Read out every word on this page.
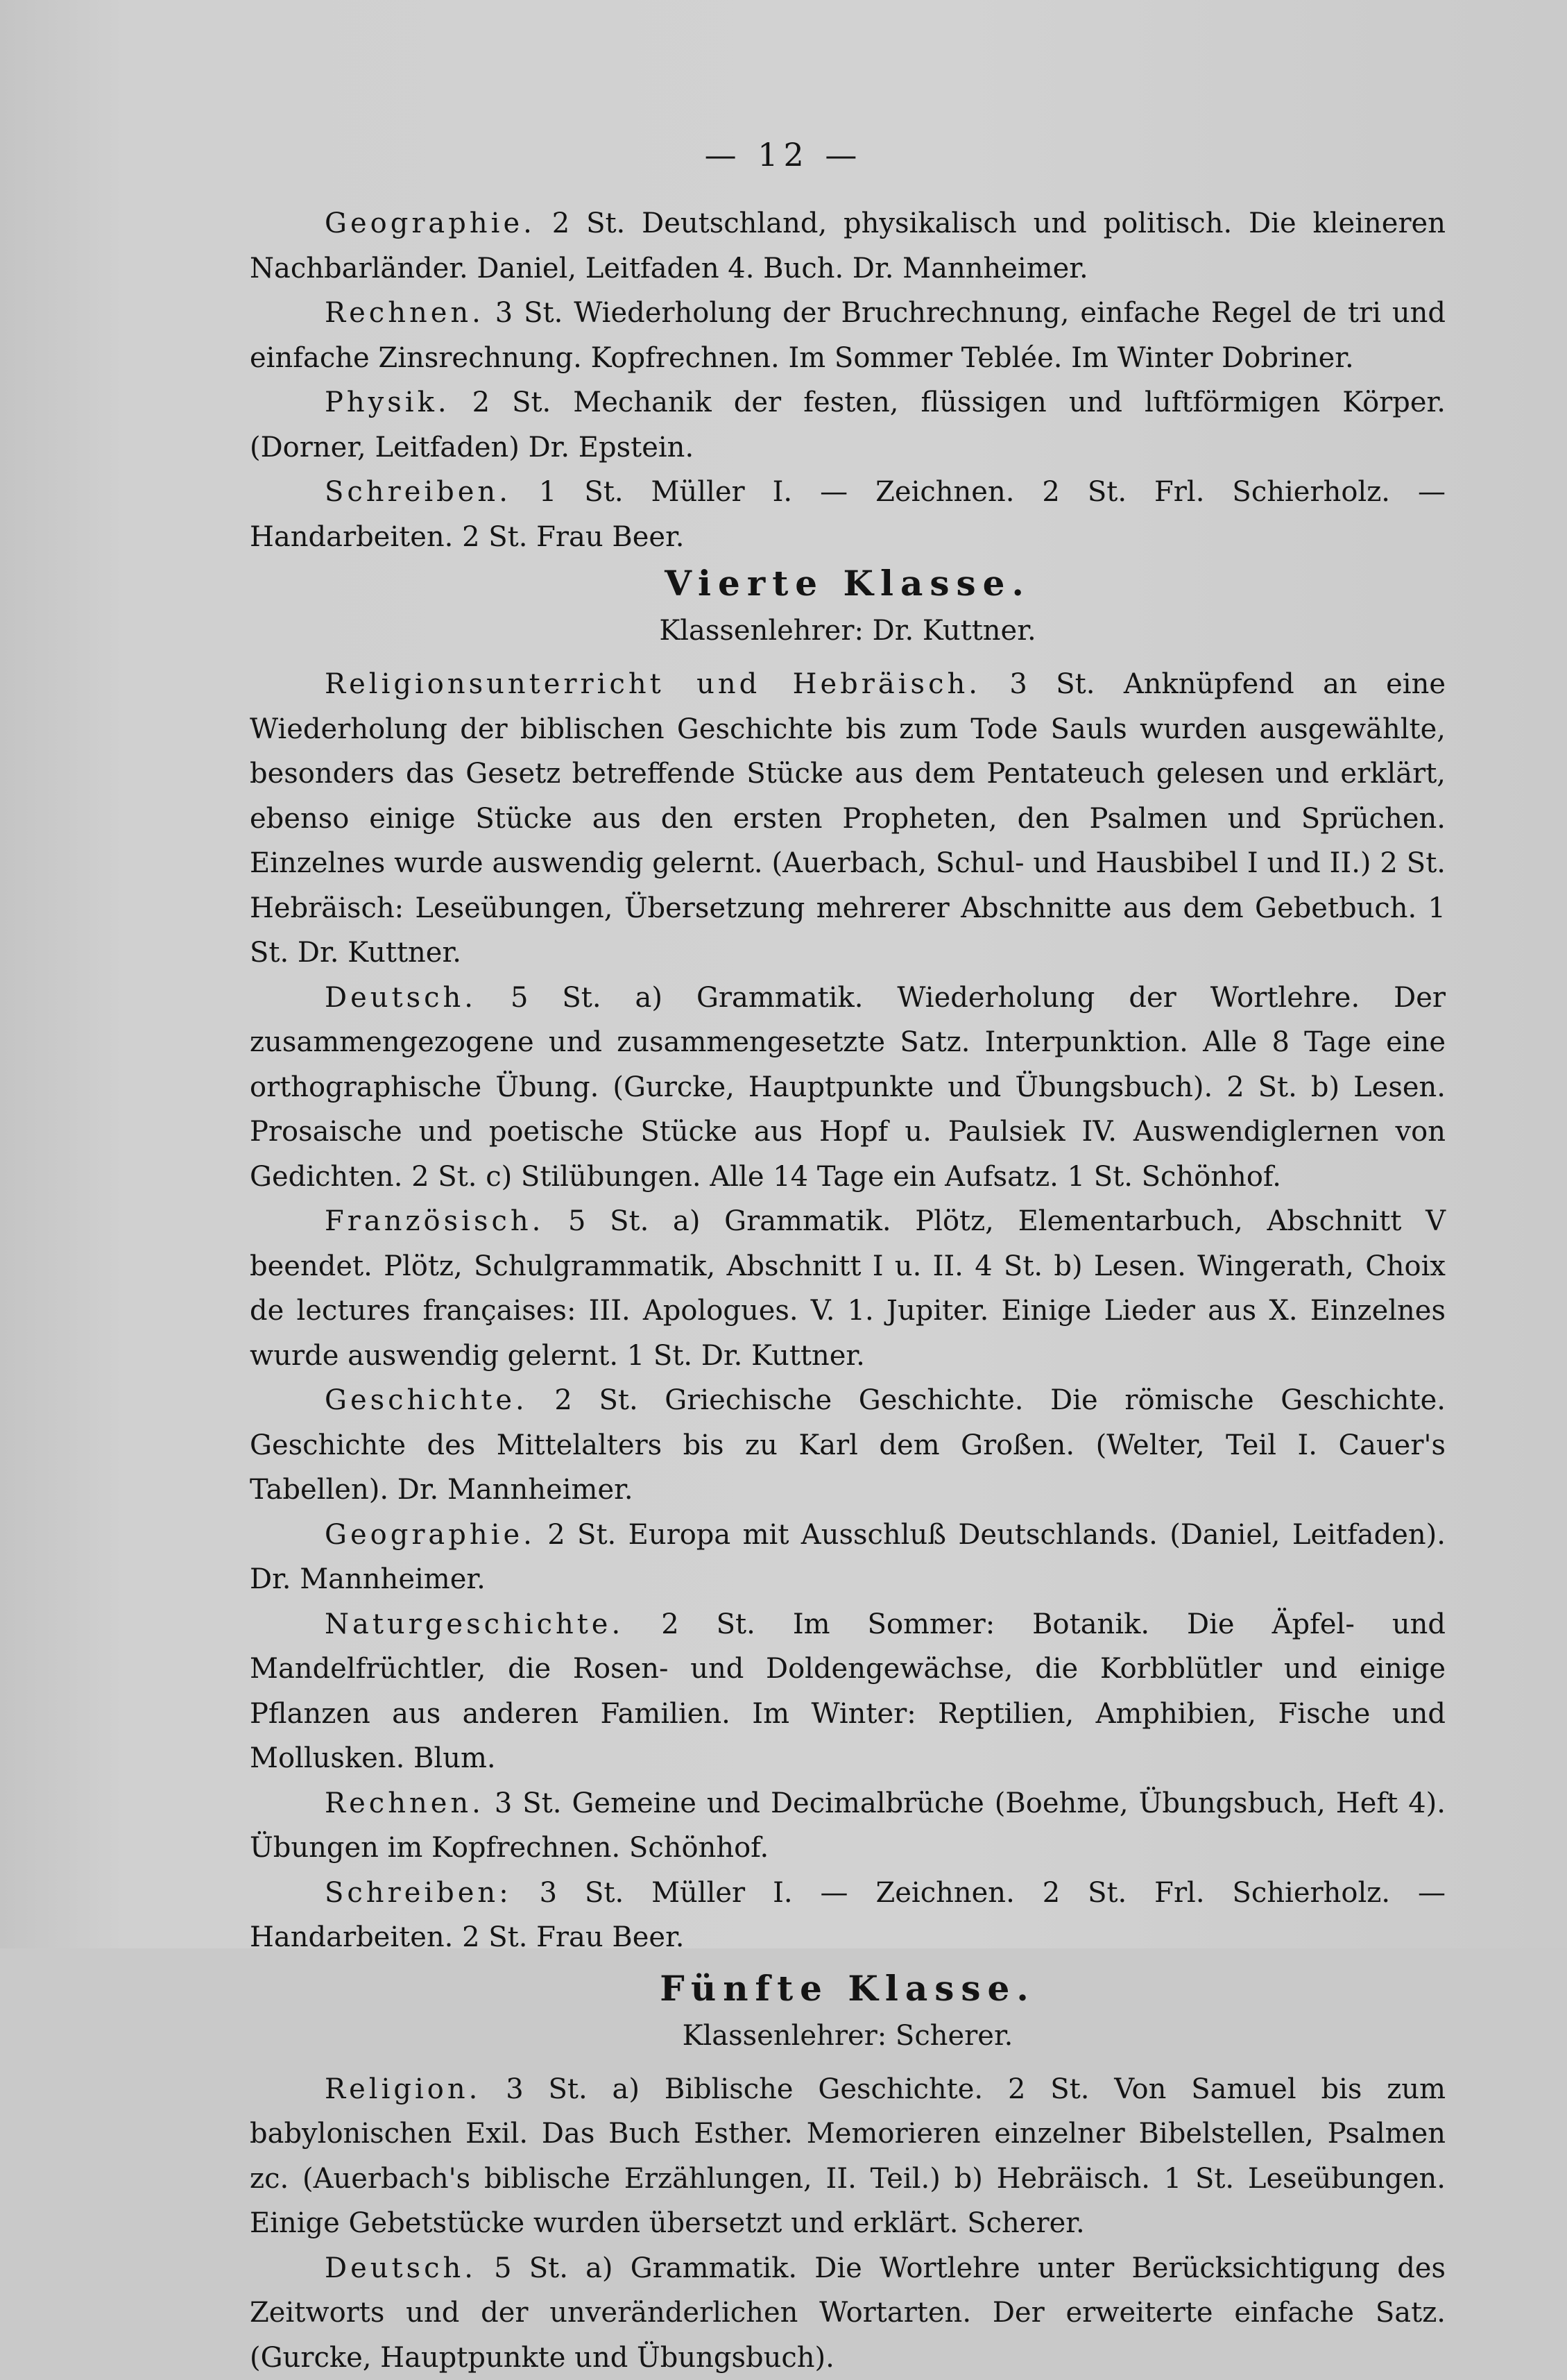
— 12 —

Geographie. 2 St. Deutschland, physikalisch und politisch. Die kleineren Nachbarländer. Daniel, Leitfaden 4. Buch. Dr. Mannheimer.

Rechnen. 3 St. Wiederholung der Bruchrechnung, einfache Regel de tri und einfache Zinsrechnung. Kopfrechnen. Im Sommer Teblée. Im Winter Dobriner.

Physik. 2 St. Mechanik der festen, flüssigen und luftförmigen Körper. (Dorner, Leitfaden) Dr. Epstein.

Schreiben. 1 St. Müller I. — Zeichnen. 2 St. Frl. Schierholz. — Handarbeiten. 2 St. Frau Beer.

Vierte Klasse.

Klassenlehrer: Dr. Kuttner.

Religionsunterricht und Hebräisch. 3 St. Anknüpfend an eine Wiederholung der biblischen Geschichte bis zum Tode Sauls wurden ausgewählte, besonders das Gesetz betreffende Stücke aus dem Pentateuch gelesen und erklärt, ebenso einige Stücke aus den ersten Propheten, den Psalmen und Sprüchen. Einzelnes wurde auswendig gelernt. (Auerbach, Schul- und Hausbibel I und II.) 2 St. Hebräisch: Leseübungen, Übersetzung mehrerer Abschnitte aus dem Gebetbuch. 1 St. Dr. Kuttner.

Deutsch. 5 St. a) Grammatik. Wiederholung der Wortlehre. Der zusammengezogene und zusammengesetzte Satz. Interpunktion. Alle 8 Tage eine orthographische Übung. (Gurcke, Hauptpunkte und Übungsbuch). 2 St. b) Lesen. Prosaische und poetische Stücke aus Hopf u. Paulsiek IV. Auswendiglernen von Gedichten. 2 St. c) Stilübungen. Alle 14 Tage ein Aufsatz. 1 St. Schönhof.

Französisch. 5 St. a) Grammatik. Plötz, Elementarbuch, Abschnitt V beendet. Plötz, Schulgrammatik, Abschnitt I u. II. 4 St. b) Lesen. Wingerath, Choix de lectures françaises: III. Apologues. V. 1. Jupiter. Einige Lieder aus X. Einzelnes wurde auswendig gelernt. 1 St. Dr. Kuttner.

Geschichte. 2 St. Griechische Geschichte. Die römische Geschichte. Geschichte des Mittelalters bis zu Karl dem Großen. (Welter, Teil I. Cauer's Tabellen). Dr. Mannheimer.

Geographie. 2 St. Europa mit Ausschluß Deutschlands. (Daniel, Leitfaden). Dr. Mannheimer.

Naturgeschichte. 2 St. Im Sommer: Botanik. Die Äpfel- und Mandelfrüchtler, die Rosen- und Doldengewächse, die Korbblütler und einige Pflanzen aus anderen Familien. Im Winter: Reptilien, Amphibien, Fische und Mollusken. Blum.

Rechnen. 3 St. Gemeine und Decimalbrüche (Boehme, Übungsbuch, Heft 4). Übungen im Kopfrechnen. Schönhof.

Schreiben: 3 St. Müller I. — Zeichnen. 2 St. Frl. Schierholz. — Handarbeiten. 2 St. Frau Beer.

Fünfte Klasse.

Klassenlehrer: Scherer.

Religion. 3 St. a) Biblische Geschichte. 2 St. Von Samuel bis zum babylonischen Exil. Das Buch Esther. Memorieren einzelner Bibelstellen, Psalmen zc. (Auerbach's biblische Erzählungen, II. Teil.) b) Hebräisch. 1 St. Leseübungen. Einige Gebetstücke wurden übersetzt und erklärt. Scherer.

Deutsch. 5 St. a) Grammatik. Die Wortlehre unter Berücksichtigung des Zeitworts und der unveränderlichen Wortarten. Der erweiterte einfache Satz. (Gurcke, Hauptpunkte und Übungsbuch).
